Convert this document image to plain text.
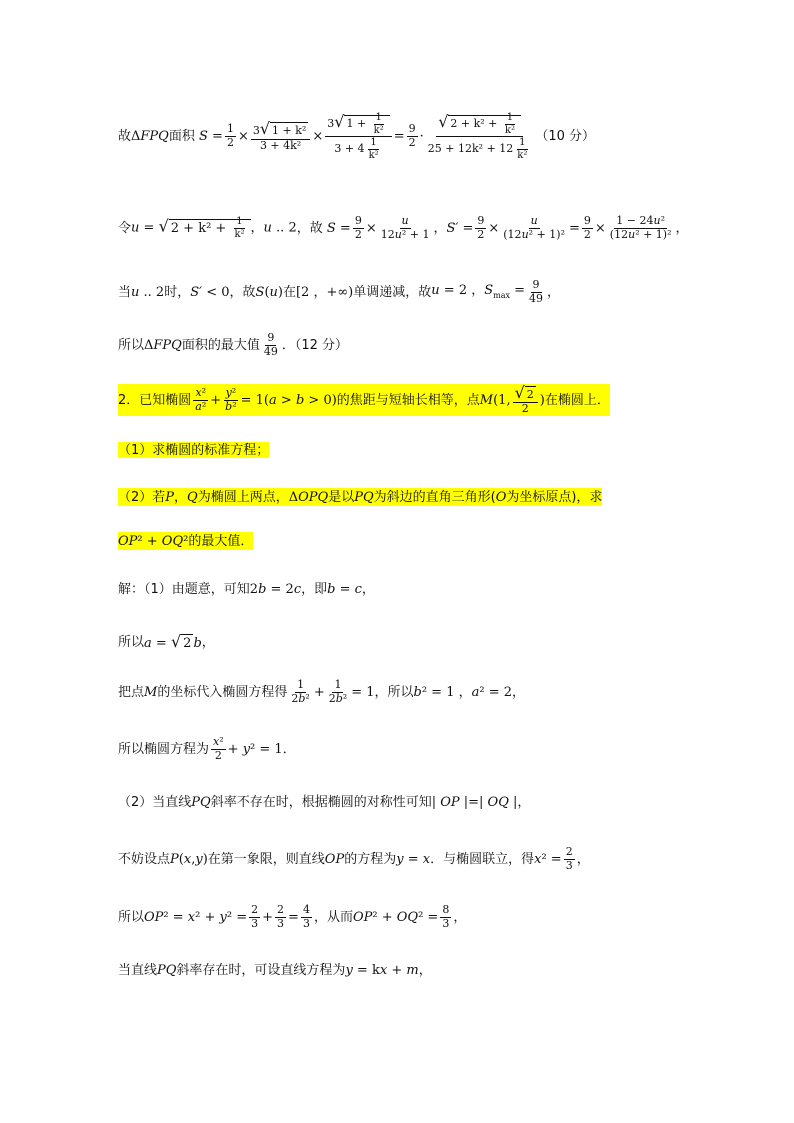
故 ΔFPQ 面积 $S = \frac{1}{2} \times \frac{\text{3√ 1 + k²}}{\text{3 + 4k²}} \times \frac{3√ 1 + \frac{1}{\text{k²}}}{3 + 4 \frac{1}{\text{k²}}} = \frac{9}{2} \cdot \frac{√ 2 + k^2 + \frac{1}{\text{k²}}}{25 + 12k^2 + 12 \frac{1}{\text{k²}}} (10$ 分）
令 u = √ $2 + k^2 + \frac{1}{\text{k²}}$ ，u .. 2 ，故 $S = \frac{9}{2} \times \frac{u}{\text{12u² + 1}}$ ，$S' = \frac{9}{2} \times \frac{u}{\text{(12u² + 1)²}} = \frac{9}{2} \times \frac{\text{1 − 24u²}}{\text{(12u² + 1)²}}$ ，
当 u .. 2 时， S′ < 0 ，故 S(u) 在 [2 ，+∞) 单调递减，故 u = 2 ，$S_{max} = \frac{9}{49}$ ，
所以 ΔFPQ 面积的最大值 $\frac{9}{49}$ ．（12 分）
2．已知椭圆 $\frac{\text{x²}}{\text{a²}} + \frac{\text{y²}}{\text{b²}} = 1(a > b > 0)$ 的焦距与短轴长相等，点 M(1, $\frac{√ 2}{2}$ ) 在椭圆上．
（1）求椭圆的标准方程；
（2）若 P ， Q 为椭圆上两点， ΔOPQ 是以 PQ 为斜边的直角三角形( O 为坐标原点)，求
OP² + OQ² 的最大值．
解：（1）由题意，可知 2b = 2c ，即 b = c ，
所以 a = √ 2 b ，
把点 M 的坐标代入椭圆方程得 $\frac{1}{\text{2b²}} + \frac{1}{\text{2b²}} = 1$ ，所以 b² = 1 ，a² = 2 ，
所以椭圆方程为 $\frac{\text{x²}}{2} + y^2 = 1$ ．
（2）当直线 PQ 斜率不存在时，根据椭圆的对称性可知 | OP |=| OQ | ，
不妨设点 P(x,y) 在第一象限，则直线 OP 的方程为 y = x ．与椭圆联立，得 $x^2 = \frac{2}{3}$ ，
所以 $OP^2 = x^2 + y^2 = \frac{2}{3} + \frac{2}{3} = \frac{4}{3}$ ，从而 $OP^2 + OQ^2 = \frac{8}{3}$ ，
当直线 PQ 斜率存在时，可设直线方程为 y = kx + m ，
